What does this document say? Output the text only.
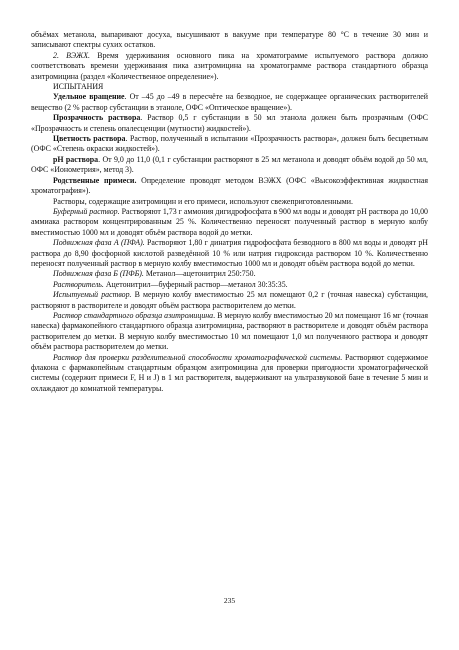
объёмах метанола, выпаривают досуха, высушивают в вакууме при температуре 80 °C в течение 30 мин и записывают спектры сухих остатков.

2. ВЭЖХ. Время удерживания основного пика на хроматограмме испытуемого раствора должно соответствовать времени удерживания пика азитромицина на хроматограмме раствора стандартного образца азитромицина (раздел «Количественное определение»).

ИСПЫТАНИЯ

Удельное вращение. От –45 до –49 в пересчёте на безводное, не содержащее органических растворителей вещество (2 % раствор субстанции в этаноле, ОФС «Оптическое вращение»).

Прозрачность раствора. Раствор 0,5 г субстанции в 50 мл этанола должен быть прозрачным (ОФС «Прозрачность и степень опалесценции (мутности) жидкостей»).

Цветность раствора. Раствор, полученный в испытании «Прозрачность раствора», должен быть бесцветным (ОФС «Степень окраски жидкостей»).

pH раствора. От 9,0 до 11,0 (0,1 г субстанции растворяют в 25 мл метанола и доводят объём водой до 50 мл, ОФС «Ионометрия», метод 3).

Родственные примеси. Определение проводят методом ВЭЖХ (ОФС «Высокоэффективная жидкостная хроматография»).

Растворы, содержащие азитромицин и его примеси, используют свежеприготовленными.

Буферный раствор. Растворяют 1,73 г аммония дигидрофосфата в 900 мл воды и доводят pH раствора до 10,00 аммиака раствором концентрированным 25 %. Количественно переносят полученный раствор в мерную колбу вместимостью 1000 мл и доводят объём раствора водой до метки.

Подвижная фаза А (ПФА). Растворяют 1,80 г динатрия гидрофосфата безводного в 800 мл воды и доводят pH раствора до 8,90 фосфорной кислотой разведённой 10 % или натрия гидроксида раствором 10 %. Количественно переносят полученный раствор в мерную колбу вместимостью 1000 мл и доводят объём раствора водой до метки.

Подвижная фаза Б (ПФБ). Метанол—ацетонитрил 250:750.

Растворитель. Ацетонитрил—буферный раствор—метанол 30:35:35.

Испытуемый раствор. В мерную колбу вместимостью 25 мл помещают 0,2 г (точная навеска) субстанции, растворяют в растворителе и доводят объём раствора растворителем до метки.

Раствор стандартного образца азитромицина. В мерную колбу вместимостью 20 мл помещают 16 мг (точная навеска) фармакопейного стандартного образца азитромицина, растворяют в растворителе и доводят объём раствора растворителем до метки. В мерную колбу вместимостью 10 мл помещают 1,0 мл полученного раствора и доводят объём раствора растворителем до метки.

Раствор для проверки разделительной способности хроматографической системы. Растворяют содержимое флакона с фармакопейным стандартным образцом азитромицина для проверки пригодности хроматографической системы (содержит примеси F, H и J) в 1 мл растворителя, выдерживают на ультразвуковой бане в течение 5 мин и охлаждают до комнатной температуры.

235
